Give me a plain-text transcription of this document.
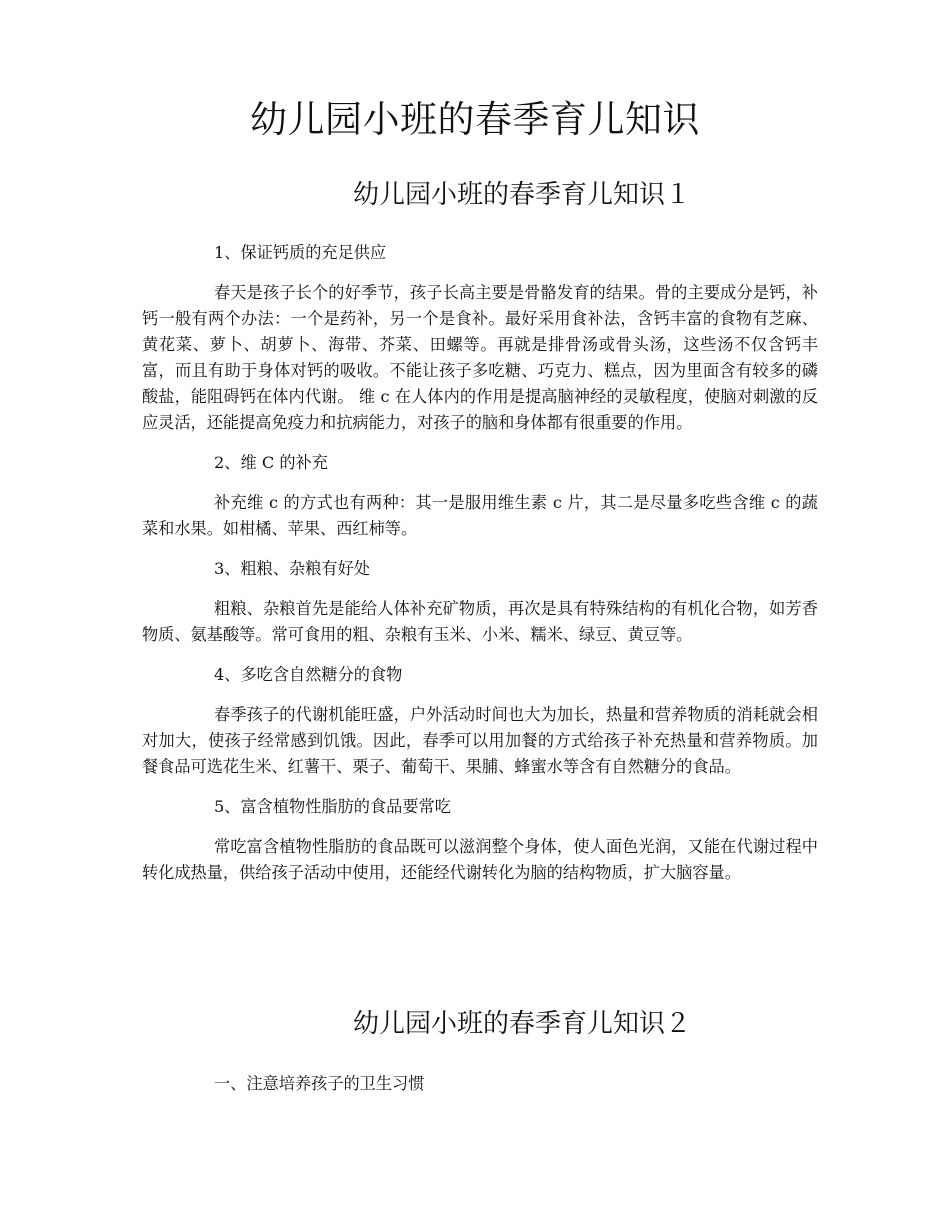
幼儿园小班的春季育儿知识
幼儿园小班的春季育儿知识１

1、保证钙质的充足供应

春天是孩子长个的好季节，孩子长高主要是骨骼发育的结果。骨的主要成分是钙，补钙一般有两个办法：一个是药补，另一个是食补。最好采用食补法，含钙丰富的食物有芝麻、黄花菜、萝卜、胡萝卜、海带、芥菜、田螺等。再就是排骨汤或骨头汤，这些汤不仅含钙丰富，而且有助于身体对钙的吸收。不能让孩子多吃糖、巧克力、糕点，因为里面含有较多的磷酸盐，能阻碍钙在体内代谢。 维 c 在人体内的作用是提高脑神经的灵敏程度，使脑对刺激的反应灵活，还能提高免疫力和抗病能力，对孩子的脑和身体都有很重要的作用。

2、维 C 的补充

补充维 c 的方式也有两种：其一是服用维生素 c 片，其二是尽量多吃些含维 c 的蔬菜和水果。如柑橘、苹果、西红柿等。

3、粗粮、杂粮有好处

粗粮、杂粮首先是能给人体补充矿物质，再次是具有特殊结构的有机化合物，如芳香物质、氨基酸等。常可食用的粗、杂粮有玉米、小米、糯米、绿豆、黄豆等。

4、多吃含自然糖分的食物

春季孩子的代谢机能旺盛，户外活动时间也大为加长，热量和营养物质的消耗就会相对加大，使孩子经常感到饥饿。因此，春季可以用加餐的方式给孩子补充热量和营养物质。加餐食品可选花生米、红薯干、栗子、葡萄干、果脯、蜂蜜水等含有自然糖分的食品。

5、富含植物性脂肪的食品要常吃

常吃富含植物性脂肪的食品既可以滋润整个身体，使人面色光润，又能在代谢过程中转化成热量，供给孩子活动中使用，还能经代谢转化为脑的结构物质，扩大脑容量。

幼儿园小班的春季育儿知识２

一、注意培养孩子的卫生习惯
